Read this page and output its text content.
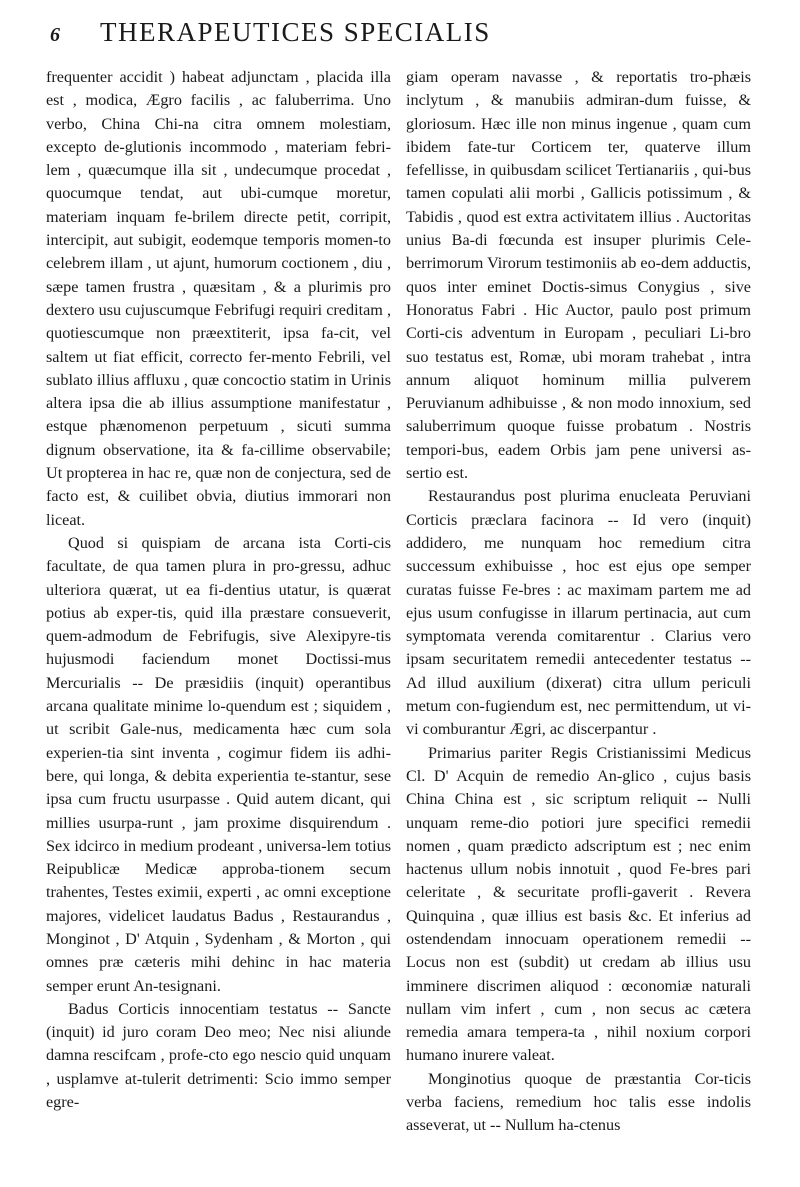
6 THERAPEUTICES SPECIALIS

frequenter accidit ) habeat adjunctam , placida illa est , modica, Ægro facilis , ac faluberrima. Uno verbo, China Chi-na citra omnem molestiam, excepto de-glutionis incommodo , materiam febri-lem , quæcumque illa sit , undecumque procedat , quocumque tendat, aut ubi-cumque moretur, materiam inquam fe-brilem directe petit, corripit, intercipit, aut subigit, eodemque temporis momen-to celebrem illam , ut ajunt, humorum coctionem , diu , sæpe tamen frustra , quæsitam , & a plurimis pro dextero usu cujuscumque Febrifugi requiri creditam , quotiescumque non præextiterit, ipsa fa-cit, vel saltem ut fiat efficit, correcto fer-mento Febrili, vel sublato illius affluxu , quæ concoctio statim in Urinis altera ipsa die ab illius assumptione manifestatur , estque phænomenon perpetuum , sicuti summa dignum observatione, ita & fa-cillime observabile; Ut propterea in hac re, quæ non de conjectura, sed de facto est, & cuilibet obvia, diutius immorari non liceat.

Quod si quispiam de arcana ista Corti-cis facultate, de qua tamen plura in pro-gressu, adhuc ulteriora quærat, ut ea fi-dentius utatur, is quærat potius ab exper-tis, quid illa præstare consueverit, quem-admodum de Febrifugis, sive Alexipyre-tis hujusmodi faciendum monet Doctissi-mus Mercurialis -- De præsidiis (inquit) operantibus arcana qualitate minime lo-quendum est ; siquidem , ut scribit Gale-nus, medicamenta hæc cum sola experien-tia sint inventa , cogimur fidem iis adhi-bere, qui longa, & debita experientia te-stantur, sese ipsa cum fructu usurpasse . Quid autem dicant, qui millies usurpa-runt , jam proxime disquirendum . Sex idcirco in medium prodeant , universa-lem totius Reipublicæ Medicæ approba-tionem secum trahentes, Testes eximii, experti , ac omni exceptione majores, videlicet laudatus Badus , Restaurandus , Monginot , D' Atquin , Sydenham , & Morton , qui omnes præ cæteris mihi dehinc in hac materia semper erunt An-tesignani.

Badus Corticis innocentiam testatus -- Sancte (inquit) id juro coram Deo meo; Nec nisi aliunde damna rescifcam , profe-cto ego nescio quid unquam , usplamve at-tulerit detrimenti: Scio immo semper egre-

giam operam navasse , & reportatis tro-phæis inclytum , & manubiis admiran-dum fuisse, & gloriosum. Hæc ille non minus ingenue , quam cum ibidem fate-tur Corticem ter, quaterve illum fefellisse, in quibusdam scilicet Tertianariis , qui-bus tamen copulati alii morbi , Gallicis potissimum , & Tabidis , quod est extra activitatem illius . Auctoritas unius Ba-di fœcunda est insuper plurimis Cele-berrimorum Virorum testimoniis ab eo-dem adductis, quos inter eminet Doctis-simus Conygius , sive Honoratus Fabri . Hic Auctor, paulo post primum Corti-cis adventum in Europam , peculiari Li-bro suo testatus est, Romæ, ubi moram trahebat , intra annum aliquot hominum millia pulverem Peruvianum adhibuisse , & non modo innoxium, sed saluberrimum quoque fuisse probatum . Nostris tempori-bus, eadem Orbis jam pene universi as-sertio est.

Restaurandus post plurima enucleata Peruviani Corticis præclara facinora -- Id vero (inquit) addidero, me nunquam hoc remedium citra successum exhibuisse , hoc est ejus ope semper curatas fuisse Fe-bres : ac maximam partem me ad ejus usum confugisse in illarum pertinacia, aut cum symptomata verenda comitarentur . Clarius vero ipsam securitatem remedii antecedenter testatus -- Ad illud auxilium (dixerat) citra ullum periculi metum con-fugiendum est, nec permittendum, ut vi-vi comburantur Ægri, ac discerpantur .

Primarius pariter Regis Cristianissimi Medicus Cl. D' Acquin de remedio An-glico , cujus basis China China est , sic scriptum reliquit -- Nulli unquam reme-dio potiori jure specifici remedii nomen , quam prædicto adscriptum est ; nec enim hactenus ullum nobis innotuit , quod Fe-bres pari celeritate , & securitate profli-gaverit . Revera Quinquina , quæ illius est basis &c. Et inferius ad ostendendam innocuam operationem remedii -- Locus non est (subdit) ut credam ab illius usu imminere discrimen aliquod : œconomiæ naturali nullam vim infert , cum , non secus ac cætera remedia amara tempera-ta , nihil noxium corpori humano inurere valeat.

Monginotius quoque de præstantia Cor-ticis verba faciens, remedium hoc talis esse indolis asseverat, ut -- Nullum ha-ctenus
